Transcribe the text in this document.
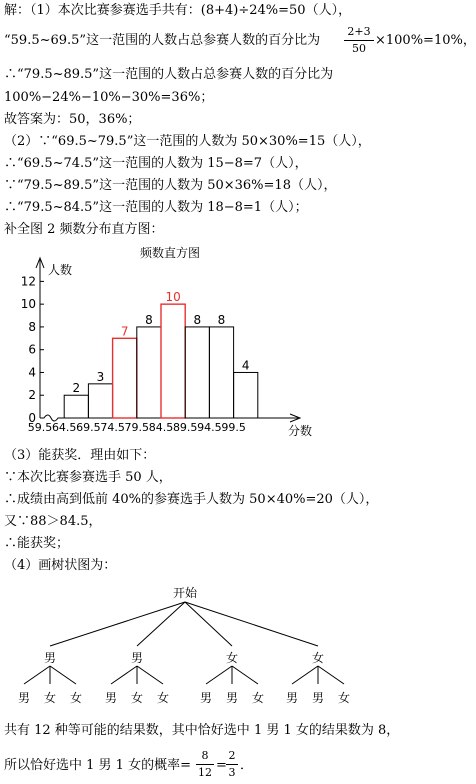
解：（1）本次比赛参赛选手共有：(8+4)÷24%=50（人），
“59.5~69.5”这一范围的人数占总参赛人数的百分比为
2+3
50
×100%=10%，
∴“79.5~89.5”这一范围的人数占总参赛人数的百分比为
100%−24%−10%−30%=36%；
故答案为：50，36%；
（2）∵“69.5~79.5”这一范围的人数为 50×30%=15（人），
∴“69.5~74.5”这一范围的人数为 15−8=7（人），
∵“79.5~89.5”这一范围的人数为 50×36%=18（人），
∴“79.5~84.5”这一范围的人数为 18−8=1（人）；
补全图 2 频数分布直方图：
频数直方图
人数
分数
0
2
4
6
8
10
12
59.5 64.5 69.5 74.5 79.5 84.5 89.5 94.5 99.5
2
3
7
8
10
8 8
4
（3）能获奖．理由如下：
∵本次比赛参赛选手 50 人，
∴成绩由高到低前 40%的参赛选手人数为 50×40%=20（人），
又∵88＞84.5，
∴能获奖；
（4）画树状图为：
开始
男
男 女 女
男
男 女 女
女
男 男 女
女
男 男 女
共有 12 种等可能的结果数，其中恰好选中 1 男 1 女的结果数为 8，
所以恰好选中 1 男 1 女的概率=
8
12 =
2
3 ．
